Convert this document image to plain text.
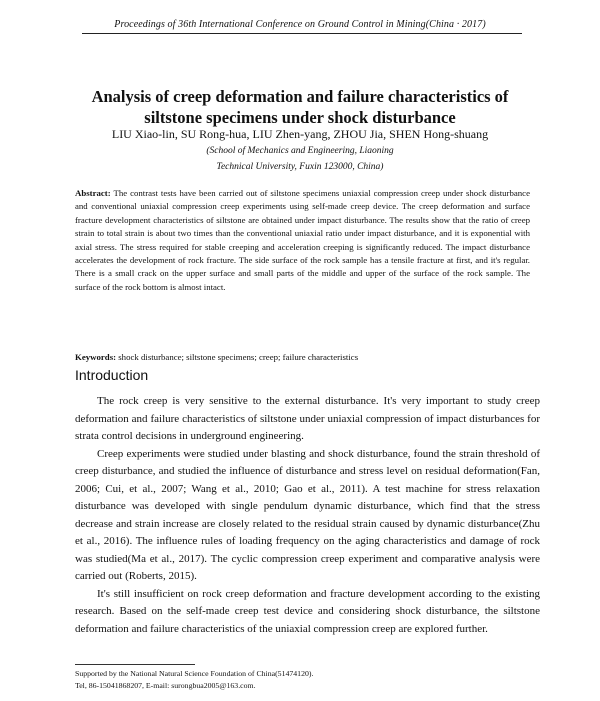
Proceedings of 36th International Conference on Ground Control in Mining(China · 2017)
Analysis of creep deformation and failure characteristics of
siltstone specimens under shock disturbance
LIU Xiao-lin, SU Rong-hua, LIU Zhen-yang, ZHOU Jia, SHEN Hong-shuang
(School of Mechanics and Engineering, Liaoning
Technical University, Fuxin 123000, China)
Abstract: The contrast tests have been carried out of siltstone specimens uniaxial compression creep under shock disturbance and conventional uniaxial compression creep experiments using self-made creep device. The creep deformation and surface fracture development characteristics of siltstone are obtained under impact disturbance. The results show that the ratio of creep strain to total strain is about two times than the conventional uniaxial ratio under impact disturbance, and it is exponential with axial stress. The stress required for stable creeping and acceleration creeping is significantly reduced. The impact disturbance accelerates the development of rock fracture. The side surface of the rock sample has a tensile fracture at first, and it's regular. There is a small crack on the upper surface and small parts of the middle and upper of the surface of the rock sample. The surface of the rock bottom is almost intact.
Keywords: shock disturbance; siltstone specimens; creep; failure characteristics
Introduction

The rock creep is very sensitive to the external disturbance. It's very important to study creep deformation and failure characteristics of siltstone under uniaxial compression of impact disturbances for strata control decisions in underground engineering.

Creep experiments were studied under blasting and shock disturbance, found the strain threshold of creep disturbance, and studied the influence of disturbance and stress level on residual deformation(Fan, 2006; Cui, et al., 2007; Wang et al., 2010; Gao et al., 2011). A test machine for stress relaxation disturbance was developed with single pendulum dynamic disturbance, which find that the stress decrease and strain increase are closely related to the residual strain caused by dynamic disturbance(Zhu et al., 2016). The influence rules of loading frequency on the aging characteristics and damage of rock was studied(Ma et al., 2017). The cyclic compression creep experiment and comparative analysis were carried out (Roberts, 2015).

It's still insufficient on rock creep deformation and fracture development according to the existing research. Based on the self-made creep test device and considering shock disturbance, the siltstone deformation and failure characteristics of the uniaxial compression creep are explored further.

Supported by the National Natural Science Foundation of China(51474120).
Tel, 86-15041868207, E-mail: surongbua2005@163.com.
